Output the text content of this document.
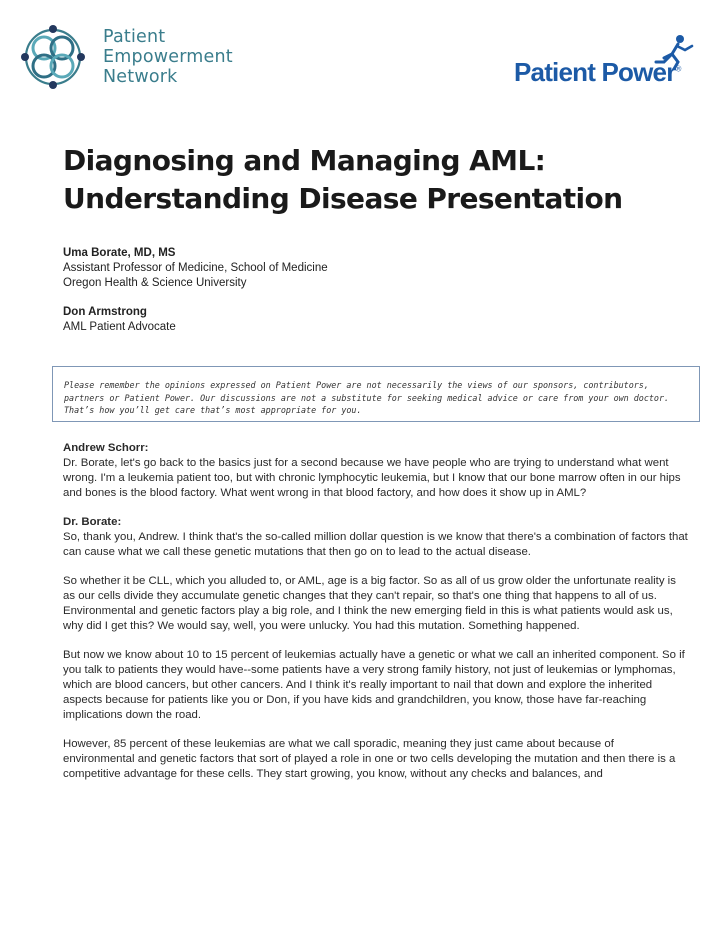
Patient
Empowerment
Network	Patient Power®
Diagnosing and Managing AML:
Understanding Disease Presentation
Uma Borate, MD, MS
Assistant Professor of Medicine, School of Medicine
Oregon Health & Science University
Don Armstrong
AML Patient Advocate
Please remember the opinions expressed on Patient Power are not necessarily the views of our sponsors, contributors, partners or Patient Power. Our discussions are not a substitute for seeking medical advice or care from your own doctor. That’s how you’ll get care that’s most appropriate for you.
Andrew Schorr:

Dr. Borate, let's go back to the basics just for a second because we have people who are trying to understand what went wrong. I'm a leukemia patient too, but with chronic lymphocytic leukemia, but I know that our bone marrow often in our hips and bones is the blood factory. What went wrong in that blood factory, and how does it show up in AML?

Dr. Borate:

So, thank you, Andrew. I think that's the so-called million dollar question is we know that there's a combination of factors that can cause what we call these genetic mutations that then go on to lead to the actual disease.

So whether it be CLL, which you alluded to, or AML, age is a big factor. So as all of us grow older the unfortunate reality is as our cells divide they accumulate genetic changes that they can't repair, so that's one thing that happens to all of us. Environmental and genetic factors play a big role, and I think the new emerging field in this is what patients would ask us, why did I get this? We would say, well, you were unlucky. You had this mutation. Something happened.

But now we know about 10 to 15 percent of leukemias actually have a genetic or what we call an inherited component. So if you talk to patients they would have--some patients have a very strong family history, not just of leukemias or lymphomas, which are blood cancers, but other cancers. And I think it's really important to nail that down and explore the inherited aspects because for patients like you or Don, if you have kids and grandchildren, you know, those have far-reaching implications down the road.

However, 85 percent of these leukemias are what we call sporadic, meaning they just came about because of environmental and genetic factors that sort of played a role in one or two cells developing the mutation and then there is a competitive advantage for these cells. They start growing, you know, without any checks and balances, and
